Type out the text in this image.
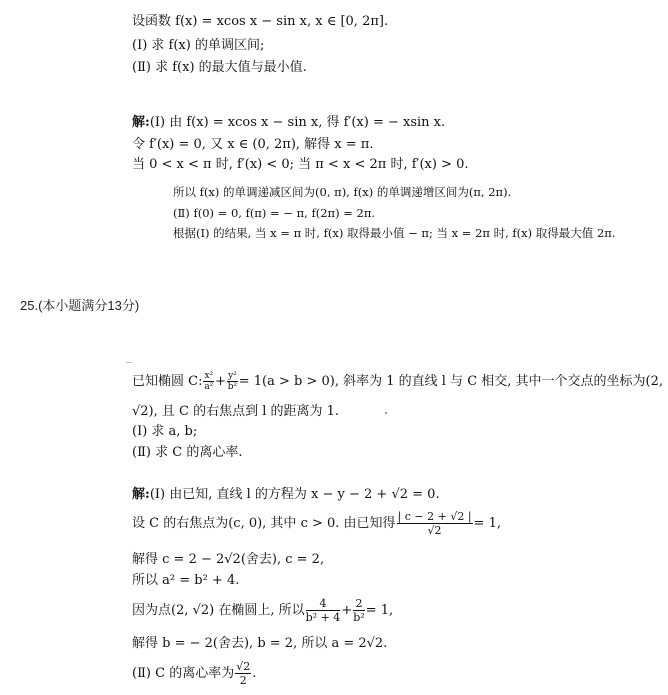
设函数 f(x) = xcos x − sin x, x ∈ [0, 2π].
(Ⅰ) 求 f(x) 的单调区间;
(Ⅱ) 求 f(x) 的最大值与最小值.
解:(Ⅰ) 由 f(x) = xcos x − sin x, 得 f′(x) = − xsin x.
令 f′(x) = 0, 又 x ∈ (0, 2π), 解得 x = π.
当 0 < x < π 时, f′(x) < 0; 当 π < x < 2π 时, f′(x) > 0.
所以 f(x) 的单调递减区间为(0, π), f(x) 的单调递增区间为(π, 2π).
(Ⅱ) f(0) = 0, f(π) = − π, f(2π) = 2π.
根据(Ⅰ) 的结果, 当 x = π 时, f(x) 取得最小值 − π; 当 x = 2π 时, f(x) 取得最大值 2π.
25.(本小题满分13分)
已知椭圆 C: $\frac{\text{x²}}{\text{a²}} + \frac{\text{y²}}{\text{b²}} = 1(a > b > 0)$, 斜率为 1 的直线 l 与 C 相交, 其中一个交点的坐标为(2,
√2), 且 C 的右焦点到 l 的距离为 1.
(Ⅰ) 求 a, b;
(Ⅱ) 求 C 的离心率.
解:(Ⅰ) 由已知, 直线 l 的方程为 x − y − 2 + √2 = 0.
设 C 的右焦点为(c, 0), 其中 c > 0. 由已知得 $\frac{| c - 2 + √2 |}{√2} = 1$,
解得 c = 2 − 2√2(舍去), c = 2,
所以 a² = b² + 4.
因为点(2, √2) 在椭圆上, 所以 $\frac{4}{\text{b² + 4}} + \frac{2}{\text{b²}} = 1$,
解得 b = − 2(舍去), b = 2, 所以 a = 2√2.
(Ⅱ) C 的离心率为 $\frac{√2}{2}$ .
